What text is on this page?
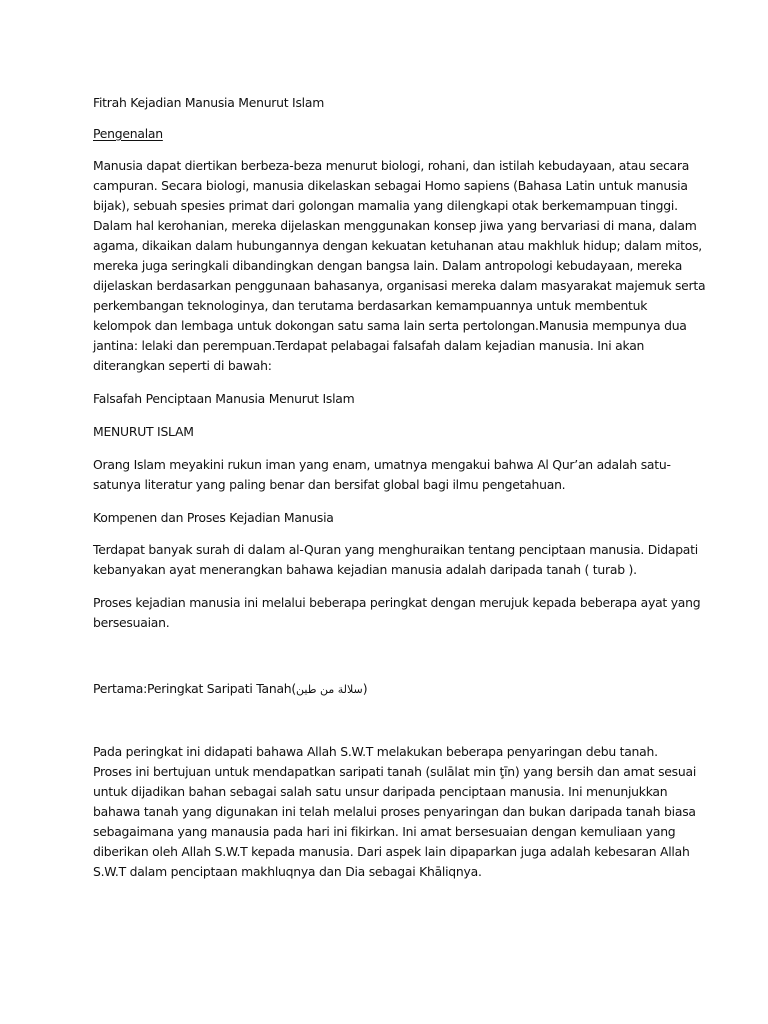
Fitrah Kejadian Manusia Menurut Islam
Pengenalan
Manusia dapat diertikan berbeza-beza menurut biologi, rohani, dan istilah kebudayaan, atau secara
campuran. Secara biologi, manusia dikelaskan sebagai Homo sapiens (Bahasa Latin untuk manusia
bijak), sebuah spesies primat dari golongan mamalia yang dilengkapi otak berkemampuan tinggi.
Dalam hal kerohanian, mereka dijelaskan menggunakan konsep jiwa yang bervariasi di mana, dalam
agama, dikaikan dalam hubungannya dengan kekuatan ketuhanan atau makhluk hidup; dalam mitos,
mereka juga seringkali dibandingkan dengan bangsa lain. Dalam antropologi kebudayaan, mereka
dijelaskan berdasarkan penggunaan bahasanya, organisasi mereka dalam masyarakat majemuk serta
perkembangan teknologinya, dan terutama berdasarkan kemampuannya untuk membentuk
kelompok dan lembaga untuk dokongan satu sama lain serta pertolongan.Manusia mempunya dua
jantina: lelaki dan perempuan.Terdapat pelabagai falsafah dalam kejadian manusia. Ini akan
diterangkan seperti di bawah:
Falsafah Penciptaan Manusia Menurut Islam
MENURUT ISLAM
Orang Islam meyakini rukun iman yang enam, umatnya mengakui bahwa Al Qur’an adalah satu-
satunya literatur yang paling benar dan bersifat global bagi ilmu pengetahuan.
Kompenen dan Proses Kejadian Manusia
Terdapat banyak surah di dalam al-Quran yang menghuraikan tentang penciptaan manusia. Didapati
kebanyakan ayat menerangkan bahawa kejadian manusia adalah daripada tanah ( turab ).
Proses kejadian manusia ini melalui beberapa peringkat dengan merujuk kepada beberapa ayat yang
bersesuaian.
Pertama:Peringkat Saripati Tanah(سلالة من طين)
Pada peringkat ini didapati bahawa Allah S.W.T melakukan beberapa penyaringan debu tanah.
Proses ini bertujuan untuk mendapatkan saripati tanah (sulālat min ţīn) yang bersih dan amat sesuai
untuk dijadikan bahan sebagai salah satu unsur daripada penciptaan manusia. Ini menunjukkan
bahawa tanah yang digunakan ini telah melalui proses penyaringan dan bukan daripada tanah biasa
sebagaimana yang manausia pada hari ini fikirkan. Ini amat bersesuaian dengan kemuliaan yang
diberikan oleh Allah S.W.T kepada manusia. Dari aspek lain dipaparkan juga adalah kebesaran Allah
S.W.T dalam penciptaan makhluqnya dan Dia sebagai Khāliqnya.
